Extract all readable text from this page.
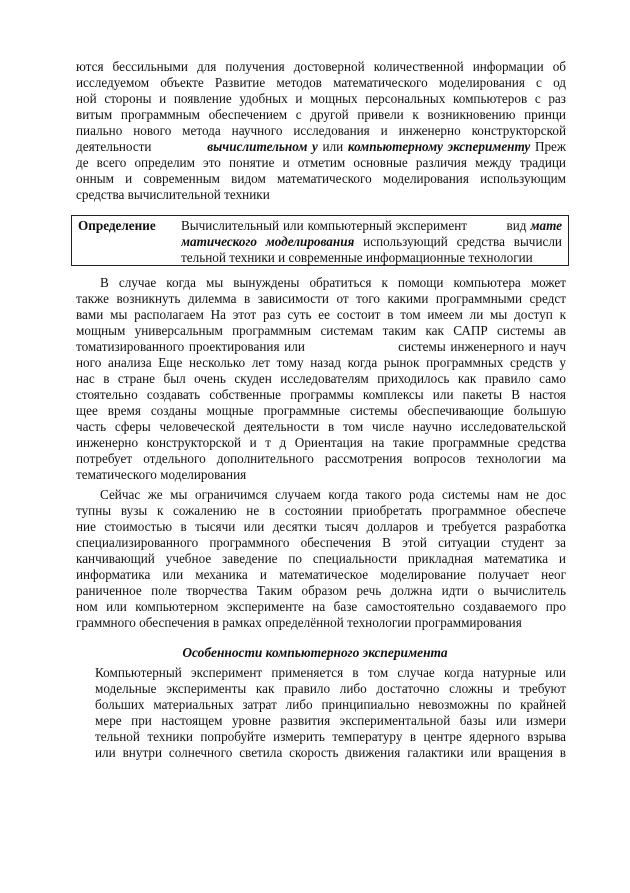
ются бессильными для получения достоверной количественной информации об
исследуемом объекте Развитие методов математического моделирования с од
ной стороны и появление удобных и мощных персональных компьютеров с раз
витым программным обеспечением с другой привели к возникновению принци
пиально нового метода научного исследования и инженерно конструкторской
деятельности	вычислительном у или компьютерному эксперименту Преж
де всего определим это понятие и отметим основные различия между традици
онным и современным видом математического моделирования использующим
средства вычислительной техники
Определение Вычислительный или компьютерный эксперимент	вид мате
матического моделирования использующий средства вычисли
тельной техники и современные информационные технологии
В случае когда мы вынуждены обратиться к помощи компьютера может
также возникнуть дилемма в зависимости от того какими программными средст
вами мы располагаем На этот раз суть ее состоит в том имеем ли мы доступ к
мощным универсальным программным системам таким как САПР системы ав
томатизированного проектирования или	системы инженерного и науч
ного анализа Еще несколько лет тому назад когда рынок программных средств у
нас в стране был очень скуден исследователям приходилось как правило само
стоятельно создавать собственные программы комплексы или пакеты В настоя
щее время созданы мощные программные системы обеспечивающие большую
часть сферы человеческой деятельности в том числе научно исследовательской
инженерно конструкторской и т д Ориентация на такие программные средства
потребует отдельного дополнительного рассмотрения вопросов технологии ма
тематического моделирования
Сейчас же мы ограничимся случаем когда такого рода системы нам не дос
тупны вузы к сожалению не в состоянии приобретать программное обеспече
ние стоимостью в тысячи или десятки тысяч долларов и требуется разработка
специализированного программного обеспечения В этой ситуации студент за
канчивающий учебное заведение по специальности прикладная математика и
информатика или механика и математическое моделирование получает неог
раниченное поле творчества Таким образом речь должна идти о вычислитель
ном или компьютерном эксперименте на базе самостоятельно создаваемого про
граммного обеспечения в рамках определённой технологии программирования
Особенности компьютерного эксперимента
Компьютерный эксперимент применяется в том случае когда натурные или
модельные эксперименты как правило либо достаточно сложны и требуют
больших материальных затрат либо принципиально невозможны по крайней
мере при настоящем уровне развития экспериментальной базы или измери
тельной техники попробуйте измерить температуру в центре ядерного взрыва
или внутри солнечного светила скорость движения галактики или вращения в
